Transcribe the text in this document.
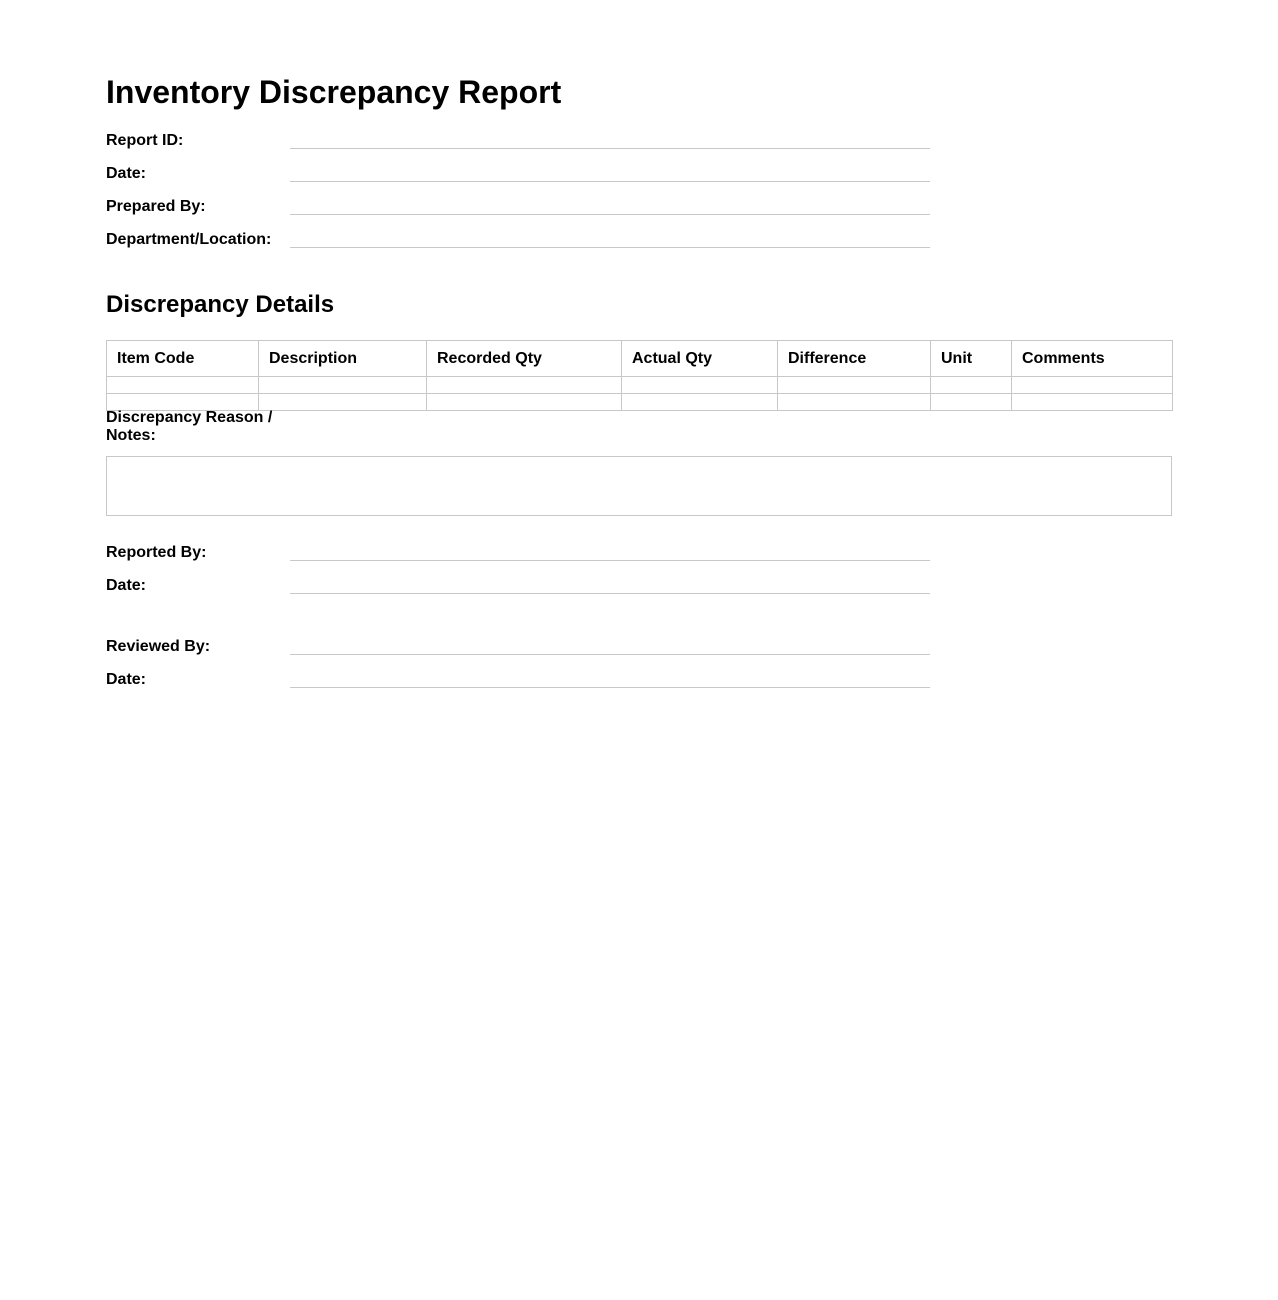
Inventory Discrepancy Report
Report ID:
Date:
Prepared By:
Department/Location:
Discrepancy Details
Item Code	Description	Recorded Qty	Actual Qty	Difference	Unit	Comments

Discrepancy Reason / Notes:
Reported By:
Date:
Reviewed By:
Date:
